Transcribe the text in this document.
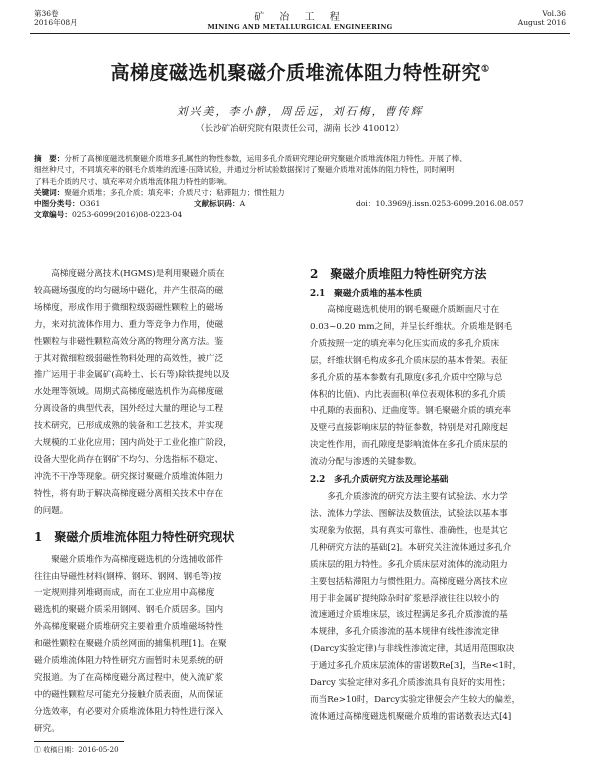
第36卷
2016年08月	矿 冶 工 程
MINING AND METALLURGICAL ENGINEERING
Vol.36
August 2016
高梯度磁选机聚磁介质堆流体阻力特性研究①
刘兴美，李小静，周岳远，刘石梅，曹传辉
（长沙矿冶研究院有限责任公司，湖南 长沙 410012）
摘　要：分析了高梯度磁选机聚磁介质堆多孔属性的物性参数，运用多孔介质研究理论研究聚磁介质堆流体阻力特性。开展了棒、
细丝种尺寸，不同填充率的钢毛介质堆的流速-压降试验，并通过分析试验数据探讨了聚磁介质堆对流体的阻力特性，同时阐明
了料毛介质的尺寸、填充率对介质堆流体阻力特性的影响。
关键词：聚磁介质堆；多孔介质；填充率；介质尺寸；粘滞阻力；惯性阻力
中图分类号：O361	文献标识码：A	doi：10.3969/j.issn.0253-6099.2016.08.057
文章编号：0253-6099(2016)08-0223-04
　　高梯度磁分离技术(HGMS)是利用聚磁介质在
较高磁场强度的均匀磁场中磁化，并产生很高的磁
场梯度，形成作用于微细粒级弱磁性颗粒上的磁场
力，来对抗流体作用力、重力等竞争力作用，使磁
性颗粒与非磁性颗粒高效分离的物理分离方法。鉴
于其对微细粒级弱磁性物料处理的高效性，被广泛
推广运用于非金属矿(高岭土、长石等)除铁提纯以及
水处理等领域。周期式高梯度磁选机作为高梯度磁
分离设备的典型代表，国外经过大量的理论与工程
技术研究，已形成成熟的装备和工艺技术，并实现
大规模的工业化应用；国内尚处于工业化推广阶段，
设备大型化尚存在钢矿不均匀、分选指标不稳定、
冲洗不干净等现象。研究探讨聚磁介质堆流体阻力
特性，将有助于解决高梯度磁分离相关技术中存在
的问题。
1　聚磁介质堆流体阻力特性研究现状
　　聚磁介质堆作为高梯度磁选机的分选捕收部件
往往由导磁性材料(钢棒、钢环、钢网、钢毛等)按
一定规则排列堆砌而成，而在工业应用中高梯度
磁选机的聚磁介质采用钢网、钢毛介质居多。国内
外高梯度聚磁介质堆研究主要着重介质堆磁场特性
和磁性颗粒在聚磁介质丝网面的捕集机理[1]。在聚
磁介质堆流体阻力特性研究方面暂时未见系统的研
究报道。为了在高梯度磁分离过程中，使入流矿浆
中的磁性颗粒尽可能充分接触介质表面，从而保证
分选效率，有必要对介质堆流体阻力特性进行深入
研究。
2　聚磁介质堆阻力特性研究方法
2.1　聚磁介质堆的基本性质
　　高梯度磁选机使用的钢毛聚磁介质断面尺寸在
0.03~0.20 mm之间，并呈长纤维状。介质堆是钢毛
介质按照一定的填充率匀化压实而成的多孔介质床
层，纤维状钢毛构成多孔介质床层的基本骨架。表征
多孔介质的基本参数有孔隙度(多孔介质中空隙与总
体积的比值)、内比表面积(单位表观体积的多孔介质
中孔隙的表面积)、迂曲度等。钢毛聚磁介质的填充率
及壁弓直接影响床层的特征参数，特别是对孔隙度起
决定性作用，而孔隙度是影响流体在多孔介质床层的
流动分配与渗透的关键参数。
2.2　多孔介质研究方法及理论基础
　　多孔介质渗流的研究方法主要有试验法、水力学
法、流体力学法、图解法及数值法，试验法以基本事
实现象为依据，具有真实可靠性、准确性，也是其它
几种研究方法的基础[2]。本研究关注流体通过多孔介
质床层的阻力特性。多孔介质床层对流体的流动阻力
主要包括粘滞阻力与惯性阻力。高梯度磁分离技术应
用于非金属矿提纯除杂时矿浆悬浮液往往以较小的
流速通过介质堆床层，该过程满足多孔介质渗流的基
本规律，多孔介质渗流的基本规律有线性渗流定律
(Darcy实验定律)与非线性渗流定律，其适用范围取决
于通过多孔介质床层流体的雷诺数Re[3]，当Re<1时，
Darcy 实验定律对多孔介质渗流具有良好的实用性；
而当Re>10时，Darcy实验定律便会产生较大的偏差，
流体通过高梯度磁选机聚磁介质堆的雷诺数表达式[4]
① 收稿日期：2016-05-20
